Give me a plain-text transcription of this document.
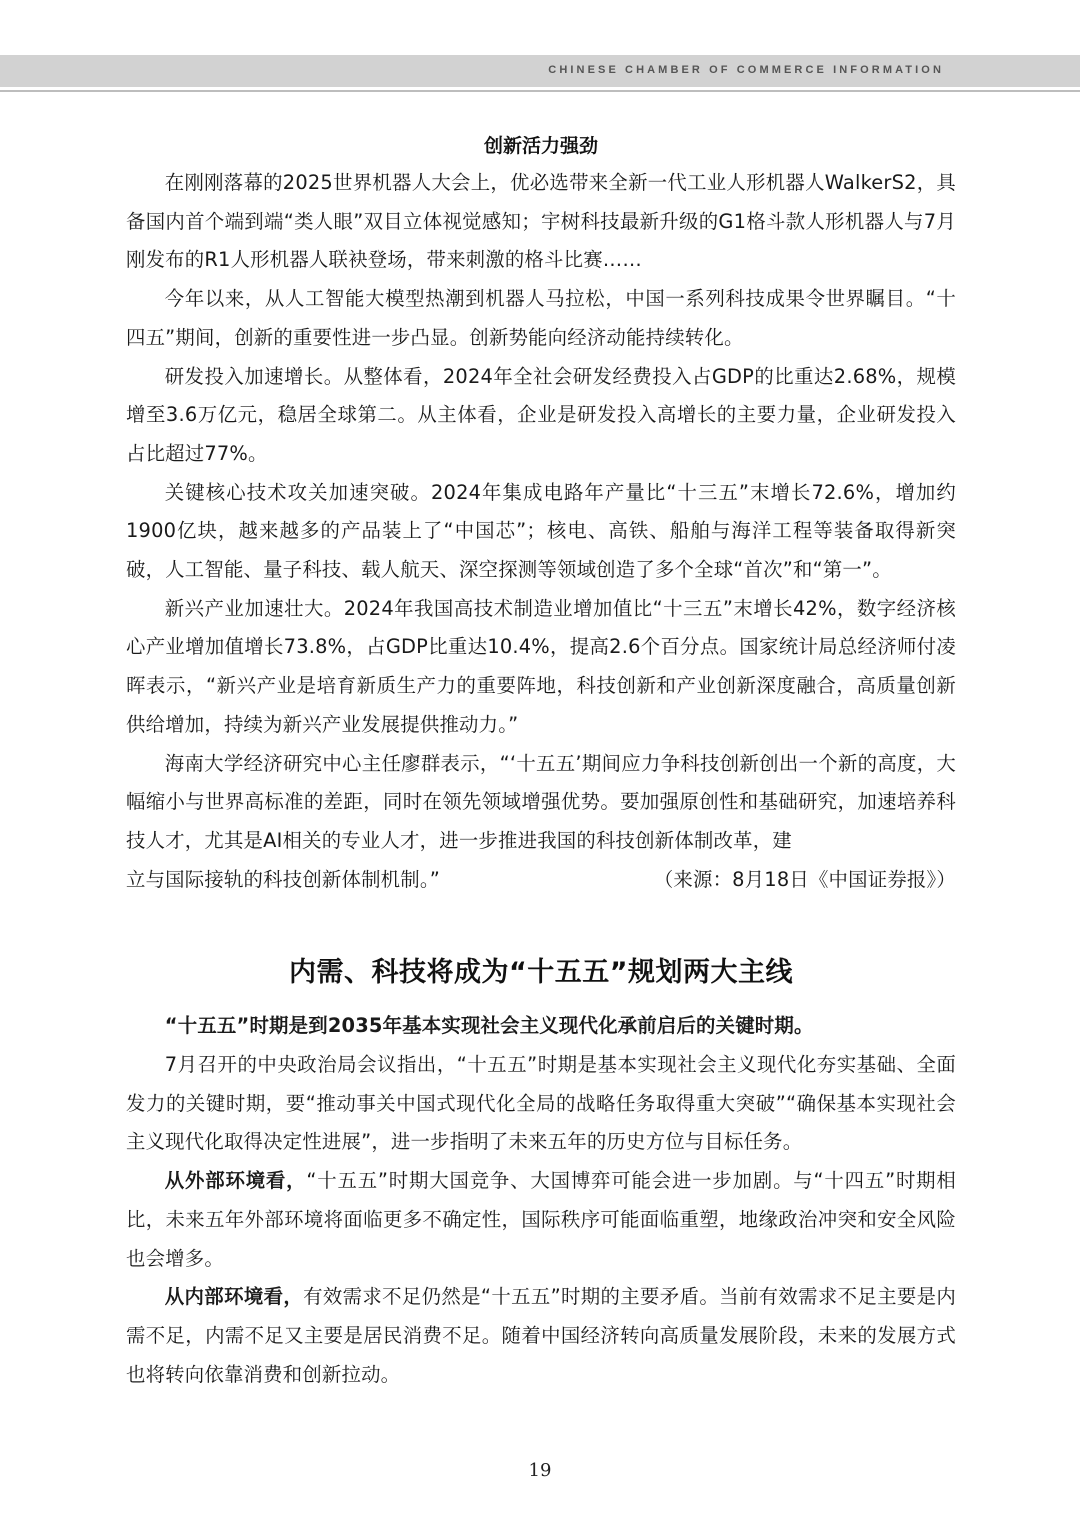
CHINESE CHAMBER OF COMMERCE INFORMATION
创新活力强劲

在刚刚落幕的2025世界机器人大会上，优必选带来全新一代工业人形机器人WalkerS2，具备国内首个端到端“类人眼”双目立体视觉感知；宇树科技最新升级的G1格斗款人形机器人与7月刚发布的R1人形机器人联袂登场，带来刺激的格斗比赛……

今年以来，从人工智能大模型热潮到机器人马拉松，中国一系列科技成果令世界瞩目。“十四五”期间，创新的重要性进一步凸显。创新势能向经济动能持续转化。

研发投入加速增长。从整体看，2024年全社会研发经费投入占GDP的比重达2.68%，规模增至3.6万亿元，稳居全球第二。从主体看，企业是研发投入高增长的主要力量，企业研发投入占比超过77%。

关键核心技术攻关加速突破。2024年集成电路年产量比“十三五”末增长72.6%，增加约1900亿块，越来越多的产品装上了“中国芯”；核电、高铁、船舶与海洋工程等装备取得新突破，人工智能、量子科技、载人航天、深空探测等领域创造了多个全球“首次”和“第一”。

新兴产业加速壮大。2024年我国高技术制造业增加值比“十三五”末增长42%，数字经济核心产业增加值增长73.8%，占GDP比重达10.4%，提高2.6个百分点。国家统计局总经济师付凌晖表示，“新兴产业是培育新质生产力的重要阵地，科技创新和产业创新深度融合，高质量创新供给增加，持续为新兴产业发展提供推动力。”

海南大学经济研究中心主任廖群表示，“‘十五五’期间应力争科技创新创出一个新的高度，大幅缩小与世界高标准的差距，同时在领先领域增强优势。要加强原创性和基础研究，加速培养科技人才，尤其是AI相关的专业人才，进一步推进我国的科技创新体制改革，建

立与国际接轨的科技创新体制机制。”	（来源：8月18日《中国证券报》）

内需、科技将成为“十五五”规划两大主线

“十五五”时期是到2035年基本实现社会主义现代化承前启后的关键时期。

7月召开的中央政治局会议指出，“十五五”时期是基本实现社会主义现代化夯实基础、全面发力的关键时期，要“推动事关中国式现代化全局的战略任务取得重大突破”“确保基本实现社会主义现代化取得决定性进展”，进一步指明了未来五年的历史方位与目标任务。

从外部环境看，“十五五”时期大国竞争、大国博弈可能会进一步加剧。与“十四五”时期相比，未来五年外部环境将面临更多不确定性，国际秩序可能面临重塑，地缘政治冲突和安全风险也会增多。

从内部环境看，有效需求不足仍然是“十五五”时期的主要矛盾。当前有效需求不足主要是内需不足，内需不足又主要是居民消费不足。随着中国经济转向高质量发展阶段，未来的发展方式也将转向依靠消费和创新拉动。

19
